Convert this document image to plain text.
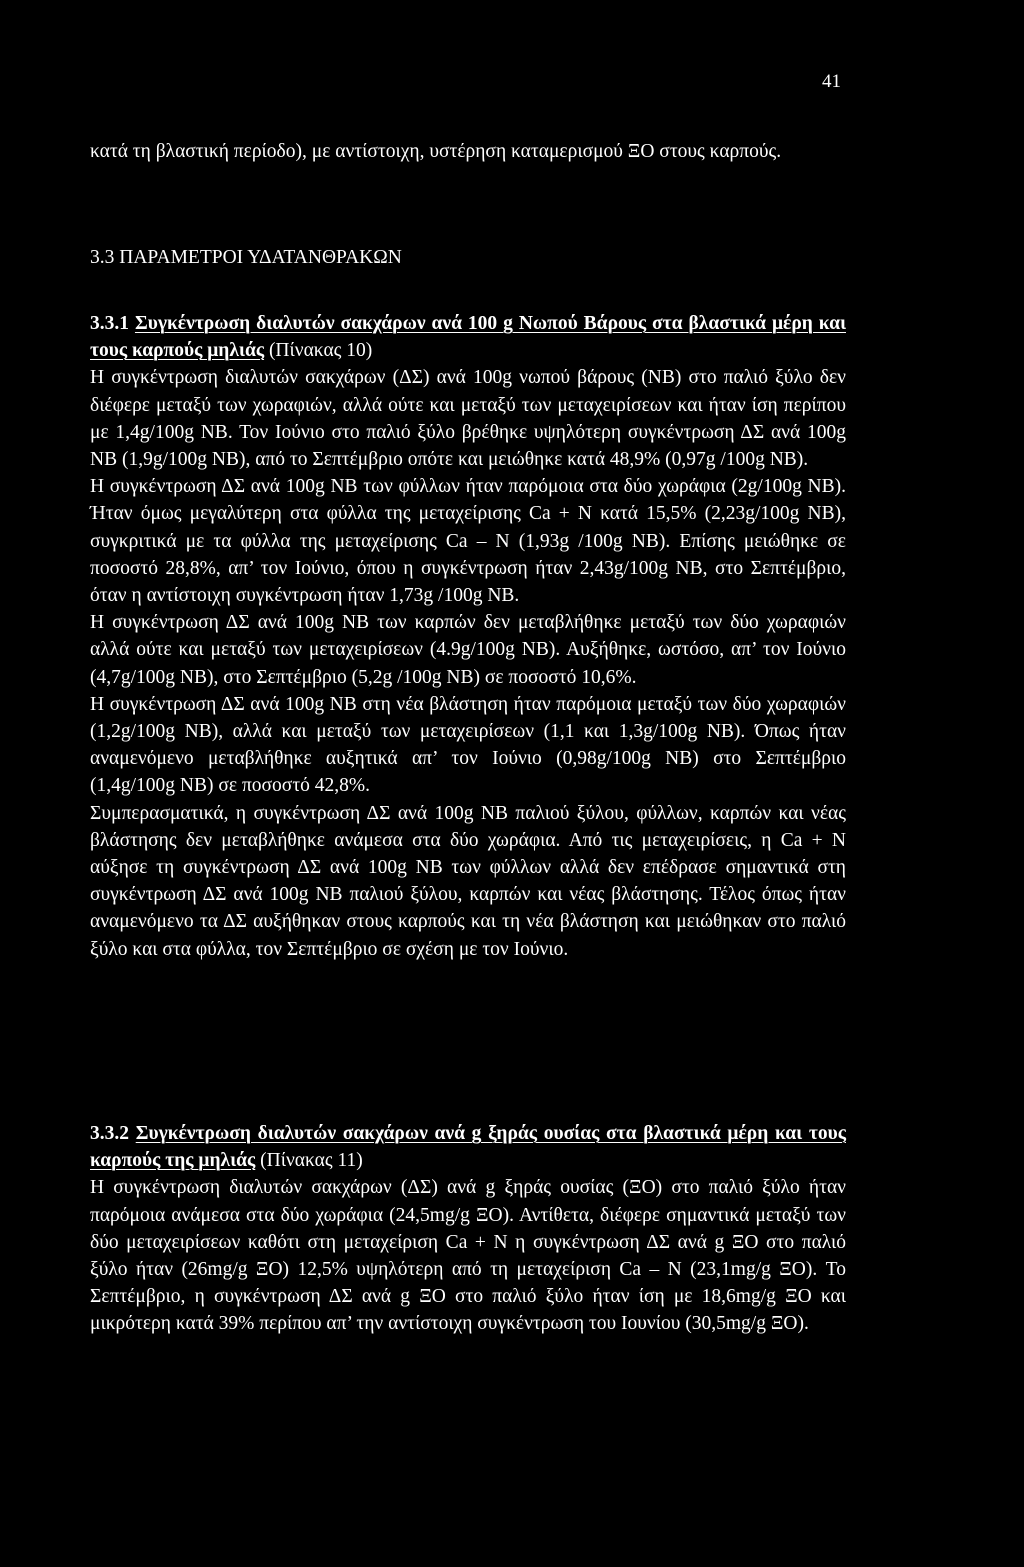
41

κατά τη βλαστική περίοδο), με αντίστοιχη, υστέρηση καταμερισμού ΞΟ στους καρπούς.

3.3 ΠΑΡΑΜΕΤΡΟΙ ΥΔΑΤΑΝΘΡΑΚΩΝ

3.3.1 Συγκέντρωση διαλυτών σακχάρων ανά 100 g Νωπού Βάρους στα βλαστικά μέρη και τους καρπούς μηλιάς (Πίνακας 10)

Η συγκέντρωση διαλυτών σακχάρων (ΔΣ) ανά 100g νωπού βάρους (ΝΒ) στο παλιό ξύλο δεν διέφερε μεταξύ των χωραφιών, αλλά ούτε και μεταξύ των μεταχειρίσεων και ήταν ίση περίπου με 1,4g/100g ΝΒ. Τον Ιούνιο στο παλιό ξύλο βρέθηκε υψηλότερη συγκέντρωση ΔΣ ανά 100g ΝΒ (1,9g/100g ΝΒ), από το Σεπτέμβριο οπότε και μειώθηκε κατά 48,9% (0,97g /100g ΝΒ).

Η συγκέντρωση ΔΣ ανά 100g ΝΒ των φύλλων ήταν παρόμοια στα δύο χωράφια (2g/100g ΝΒ). Ήταν όμως μεγαλύτερη στα φύλλα της μεταχείρισης Ca + N κατά 15,5% (2,23g/100g ΝΒ), συγκριτικά με τα φύλλα της μεταχείρισης Ca – N (1,93g /100g ΝΒ). Επίσης μειώθηκε σε ποσοστό 28,8%, απ’ τον Ιούνιο, όπου η συγκέντρωση ήταν 2,43g/100g ΝΒ, στο Σεπτέμβριο, όταν η αντίστοιχη συγκέντρωση ήταν 1,73g /100g ΝΒ.

Η συγκέντρωση ΔΣ ανά 100g ΝΒ των καρπών δεν μεταβλήθηκε μεταξύ των δύο χωραφιών αλλά ούτε και μεταξύ των μεταχειρίσεων (4.9g/100g ΝΒ). Αυξήθηκε, ωστόσο, απ’ τον Ιούνιο (4,7g/100g ΝΒ), στο Σεπτέμβριο (5,2g /100g ΝΒ) σε ποσοστό 10,6%.

Η συγκέντρωση ΔΣ ανά 100g ΝΒ στη νέα βλάστηση ήταν παρόμοια μεταξύ των δύο χωραφιών (1,2g/100g ΝΒ), αλλά και μεταξύ των μεταχειρίσεων (1,1 και 1,3g/100g ΝΒ). Όπως ήταν αναμενόμενο μεταβλήθηκε αυξητικά απ’ τον Ιούνιο (0,98g/100g ΝΒ) στο Σεπτέμβριο (1,4g/100g ΝΒ) σε ποσοστό 42,8%.

Συμπερασματικά, η συγκέντρωση ΔΣ ανά 100g ΝΒ παλιού ξύλου, φύλλων, καρπών και νέας βλάστησης δεν μεταβλήθηκε ανάμεσα στα δύο χωράφια. Από τις μεταχειρίσεις, η Ca + N αύξησε τη συγκέντρωση ΔΣ ανά 100g ΝΒ των φύλλων αλλά δεν επέδρασε σημαντικά στη συγκέντρωση ΔΣ ανά 100g ΝΒ παλιού ξύλου, καρπών και νέας βλάστησης. Τέλος όπως ήταν αναμενόμενο τα ΔΣ αυξήθηκαν στους καρπούς και τη νέα βλάστηση και μειώθηκαν στο παλιό ξύλο και στα φύλλα, τον Σεπτέμβριο σε σχέση με τον Ιούνιο.

3.3.2 Συγκέντρωση διαλυτών σακχάρων ανά g ξηράς ουσίας στα βλαστικά μέρη και τους καρπούς της μηλιάς (Πίνακας 11)

Η συγκέντρωση διαλυτών σακχάρων (ΔΣ) ανά g ξηράς ουσίας (ΞΟ) στο παλιό ξύλο ήταν παρόμοια ανάμεσα στα δύο χωράφια (24,5mg/g ΞΟ). Αντίθετα, διέφερε σημαντικά μεταξύ των δύο μεταχειρίσεων καθότι στη μεταχείριση Ca + N η συγκέντρωση ΔΣ ανά g ΞΟ στο παλιό ξύλο ήταν (26mg/g ΞΟ) 12,5% υψηλότερη από τη μεταχείριση Ca – N (23,1mg/g ΞΟ). Το Σεπτέμβριο, η συγκέντρωση ΔΣ ανά g ΞΟ στο παλιό ξύλο ήταν ίση με 18,6mg/g ΞΟ και μικρότερη κατά 39% περίπου απ’ την αντίστοιχη συγκέντρωση του Ιουνίου (30,5mg/g ΞΟ).
